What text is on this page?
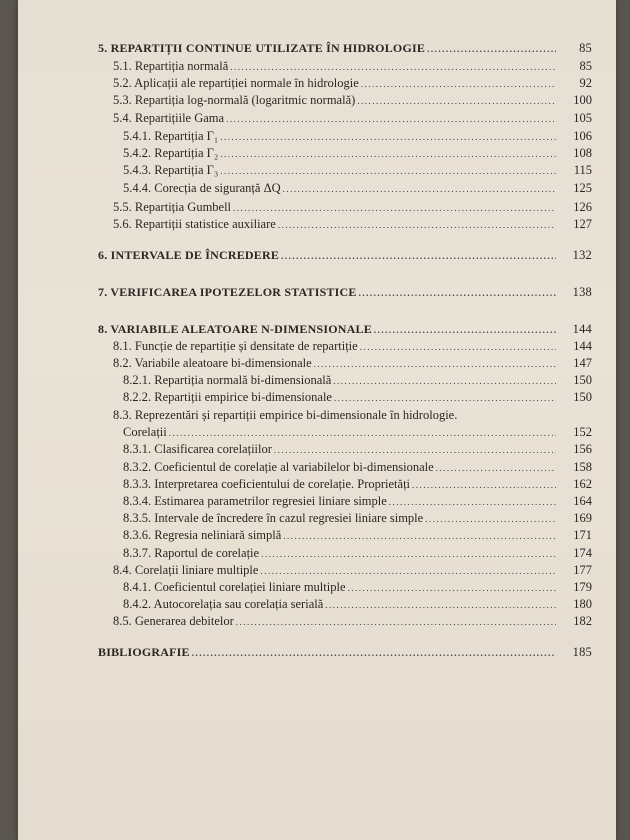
5. REPARTIȚII CONTINUE UTILIZATE ÎN HIDROLOGIE .....	85
5.1. Repartiția normală .....	85
5.2. Aplicații ale repartiției normale în hidrologie .....	92
5.3. Repartiția log-normală (logaritmic normală) .....	100
5.4. Repartițiile Gama .....	105
5.4.1. Repartiția Γ₁ .....	106
5.4.2. Repartiția Γ₂ .....	108
5.4.3. Repartiția Γ₃ .....	115
5.4.4. Corecția de siguranță ΔQ .....	125
5.5. Repartiția Gumbell .....	126
5.6. Repartiții statistice auxiliare .....	127
6. INTERVALE DE ÎNCREDERE .....	132
7. VERIFICAREA IPOTEZELOR STATISTICE .....	138
8. VARIABILE ALEATOARE N-DIMENSIONALE .....	144
8.1. Funcție de repartiție și densitate de repartiție .....	144
8.2. Variabile aleatoare bi-dimensionale .....	147
8.2.1. Repartiția normală bi-dimensională .....	150
8.2.2. Repartiții empirice bi-dimensionale .....	150
8.3. Reprezentări și repartiții empirice bi-dimensionale în hidrologie.
Corelații .....	152
8.3.1. Clasificarea corelațiilor .....	156
8.3.2. Coeficientul de corelație al variabilelor bi-dimensionale .....	158
8.3.3. Interpretarea coeficientului de corelație. Proprietăți .....	162
8.3.4. Estimarea parametrilor regresiei liniare simple .....	164
8.3.5. Intervale de încredere în cazul regresiei liniare simple .....	169
8.3.6. Regresia neliniară simplă .....	171
8.3.7. Raportul de corelație .....	174
8.4. Corelații liniare multiple .....	177
8.4.1. Coeficientul corelației liniare multiple .....	179
8.4.2. Autocorelația sau corelația serială .....	180
8.5. Generarea debitelor .....	182
BIBLIOGRAFIE .....	185
